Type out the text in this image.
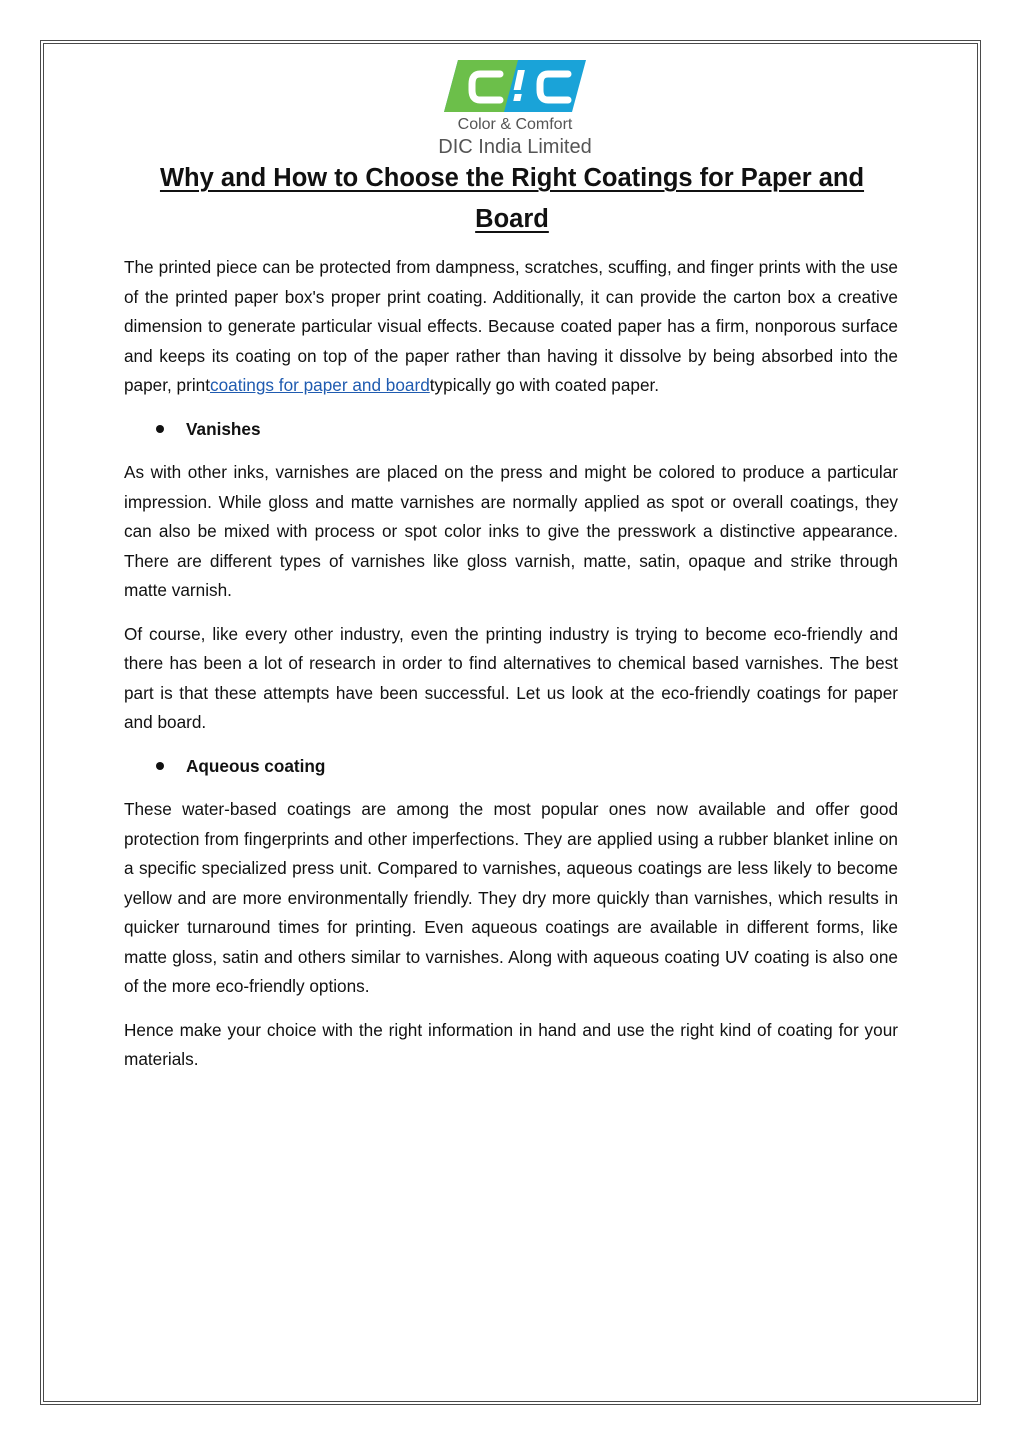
Color & Comfort
DIC India Limited
Why and How to Choose the Right Coatings for Paper and Board

The printed piece can be protected from dampness, scratches, scuffing, and finger prints with the use of the printed paper box's proper print coating. Additionally, it can provide the carton box a creative dimension to generate particular visual effects. Because coated paper has a firm, nonporous surface and keeps its coating on top of the paper rather than having it dissolve by being absorbed into the paper, printcoatings for paper and boardtypically go with coated paper.

Vanishes

As with other inks, varnishes are placed on the press and might be colored to produce a particular impression. While gloss and matte varnishes are normally applied as spot or overall coatings, they can also be mixed with process or spot color inks to give the presswork a distinctive appearance. There are different types of varnishes like gloss varnish, matte, satin, opaque and strike through matte varnish.

Of course, like every other industry, even the printing industry is trying to become eco-friendly and there has been a lot of research in order to find alternatives to chemical based varnishes. The best part is that these attempts have been successful. Let us look at the eco-friendly coatings for paper and board.

Aqueous coating

These water-based coatings are among the most popular ones now available and offer good protection from fingerprints and other imperfections. They are applied using a rubber blanket inline on a specific specialized press unit. Compared to varnishes, aqueous coatings are less likely to become yellow and are more environmentally friendly. They dry more quickly than varnishes, which results in quicker turnaround times for printing. Even aqueous coatings are available in different forms, like matte gloss, satin and others similar to varnishes. Along with aqueous coating UV coating is also one of the more eco-friendly options.

Hence make your choice with the right information in hand and use the right kind of coating for your materials.
